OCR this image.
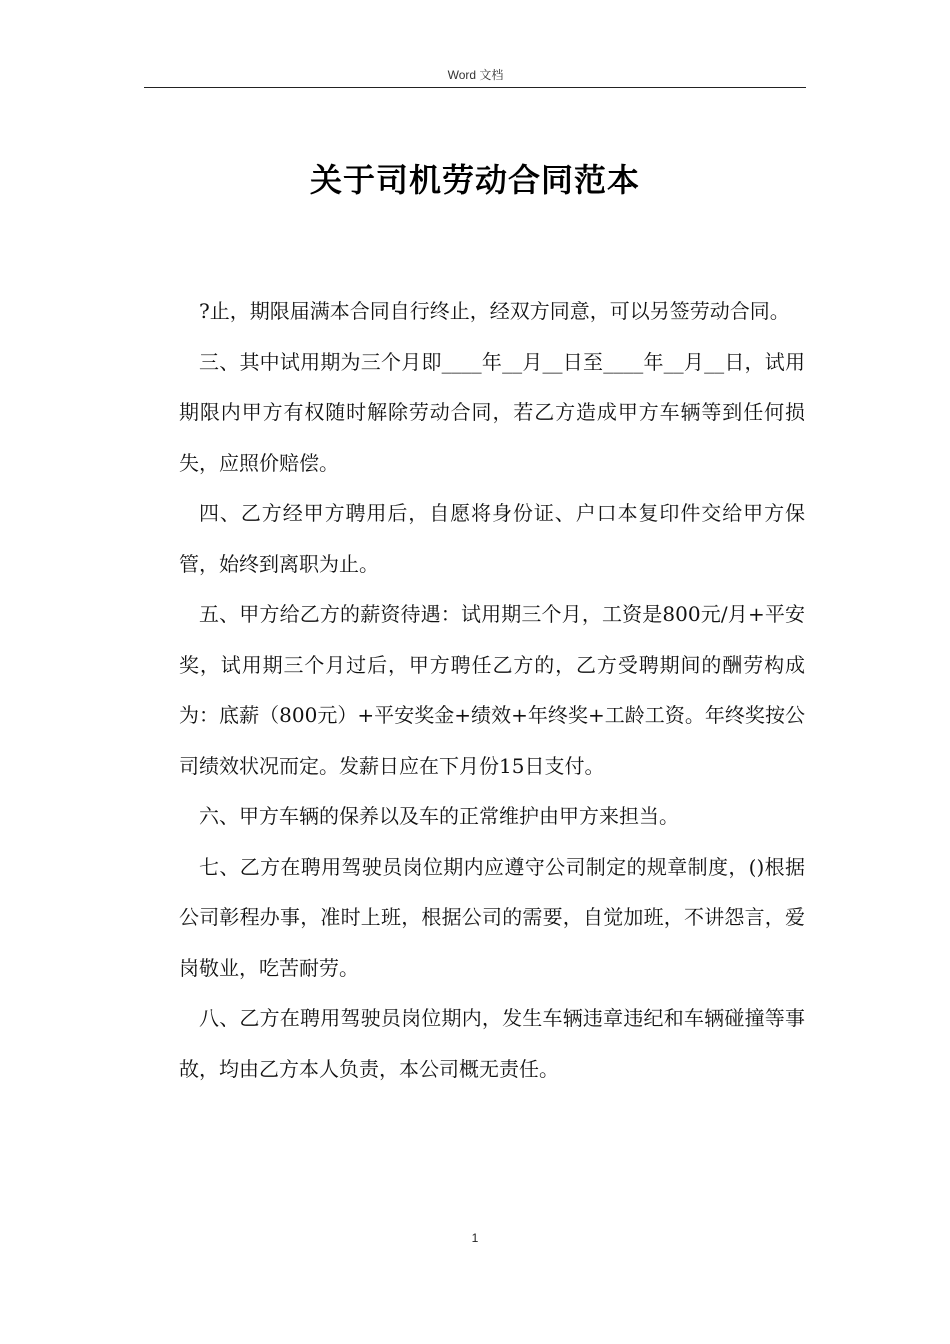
Word 文档
关于司机劳动合同范本

?止，期限届满本合同自行终止，经双方同意，可以另签劳动合同。

三、其中试用期为三个月即____年__月__日至____年__月__日，试用期限内甲方有权随时解除劳动合同，若乙方造成甲方车辆等到任何损失，应照价赔偿。

四、乙方经甲方聘用后，自愿将身份证、户口本复印件交给甲方保管，始终到离职为止。

五、甲方给乙方的薪资待遇：试用期三个月，工资是800元/月+平安奖，试用期三个月过后，甲方聘任乙方的，乙方受聘期间的酬劳构成为：底薪（800元）+平安奖金+绩效+年终奖+工龄工资。年终奖按公司绩效状况而定。发薪日应在下月份15日支付。

六、甲方车辆的保养以及车的正常维护由甲方来担当。

七、乙方在聘用驾驶员岗位期内应遵守公司制定的规章制度，()根据公司彰程办事，准时上班，根据公司的需要，自觉加班，不讲怨言，爱岗敬业，吃苦耐劳。

八、乙方在聘用驾驶员岗位期内，发生车辆违章违纪和车辆碰撞等事故，均由乙方本人负责，本公司概无责任。

1
